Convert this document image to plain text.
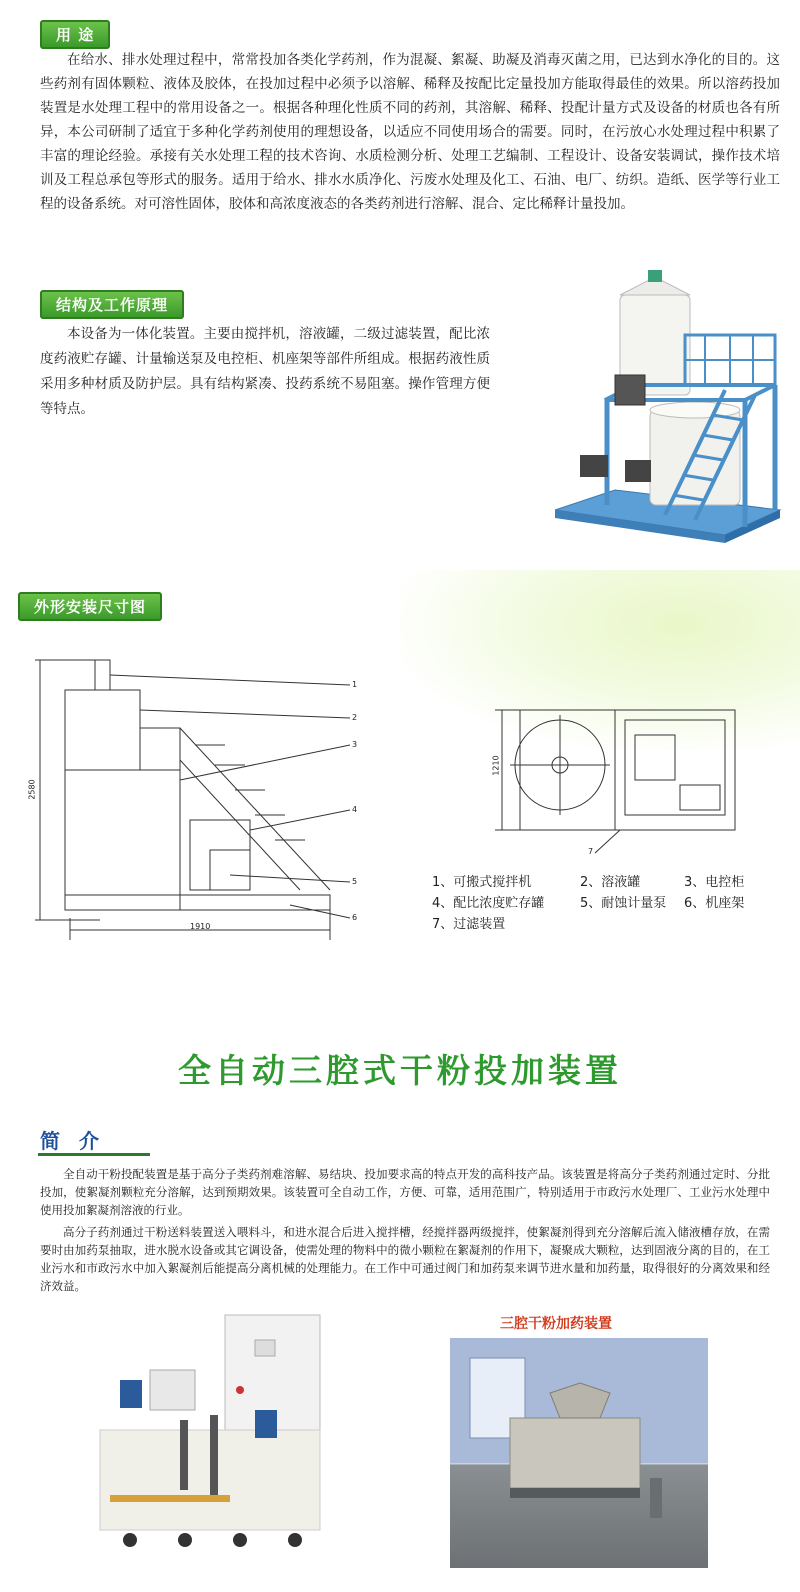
用 途

在给水、排水处理过程中，常常投加各类化学药剂，作为混凝、絮凝、助凝及消毒灭菌之用，已达到水净化的目的。这些药剂有固体颗粒、液体及胶体，在投加过程中必须予以溶解、稀释及按配比定量投加方能取得最佳的效果。所以溶药投加装置是水处理工程中的常用设备之一。根据各种理化性质不同的药剂，其溶解、稀释、投配计量方式及设备的材质也各有所异，本公司研制了适宜于多种化学药剂使用的理想设备，以适应不同使用场合的需要。同时，在污放心水处理过程中积累了丰富的理论经验。承接有关水处理工程的技术咨询、水质检测分析、处理工艺编制、工程设计、设备安装调试，操作技术培训及工程总承包等形式的服务。适用于给水、排水水质净化、污废水处理及化工、石油、电厂、纺织。造纸、医学等行业工程的设备系统。对可溶性固体，胶体和高浓度液态的各类药剂进行溶解、混合、定比稀释计量投加。

结构及工作原理

本设备为一体化装置。主要由搅拌机，溶液罐，二级过滤装置，配比浓度药液贮存罐、计量输送泵及电控柜、机座架等部件所组成。根据药液性质采用多种材质及防护层。具有结构紧凑、投药系统不易阻塞。操作管理方便等特点。

外形安装尺寸图
2580
1910
1
2
3
4
5
6
1210
7
1、可搬式搅拌机	2、溶液罐	3、电控柜
4、配比浓度贮存罐	5、耐蚀计量泵	6、机座架
7、过滤装置
全自动三腔式干粉投加装置
简 介

全自动干粉投配装置是基于高分子类药剂难溶解、易结块、投加要求高的特点开发的高科技产品。该装置是将高分子类药剂通过定时、分批投加，使絮凝剂颗粒充分溶解，达到预期效果。该装置可全自动工作，方便、可靠，适用范围广，特别适用于市政污水处理厂、工业污水处理中使用投加絮凝剂溶液的行业。

高分子药剂通过干粉送料装置送入喂料斗，和进水混合后进入搅拌槽，经搅拌器两级搅拌，使絮凝剂得到充分溶解后流入储液槽存放，在需要时由加药泵抽取，进水脱水设备或其它调设备，使需处理的物料中的微小颗粒在絮凝剂的作用下，凝聚成大颗粒，达到固液分离的目的，在工业污水和市政污水中加入絮凝剂后能提高分离机械的处理能力。在工作中可通过阀门和加药泵来调节进水量和加药量，取得很好的分离效果和经济效益。

三腔干粉加药装置
